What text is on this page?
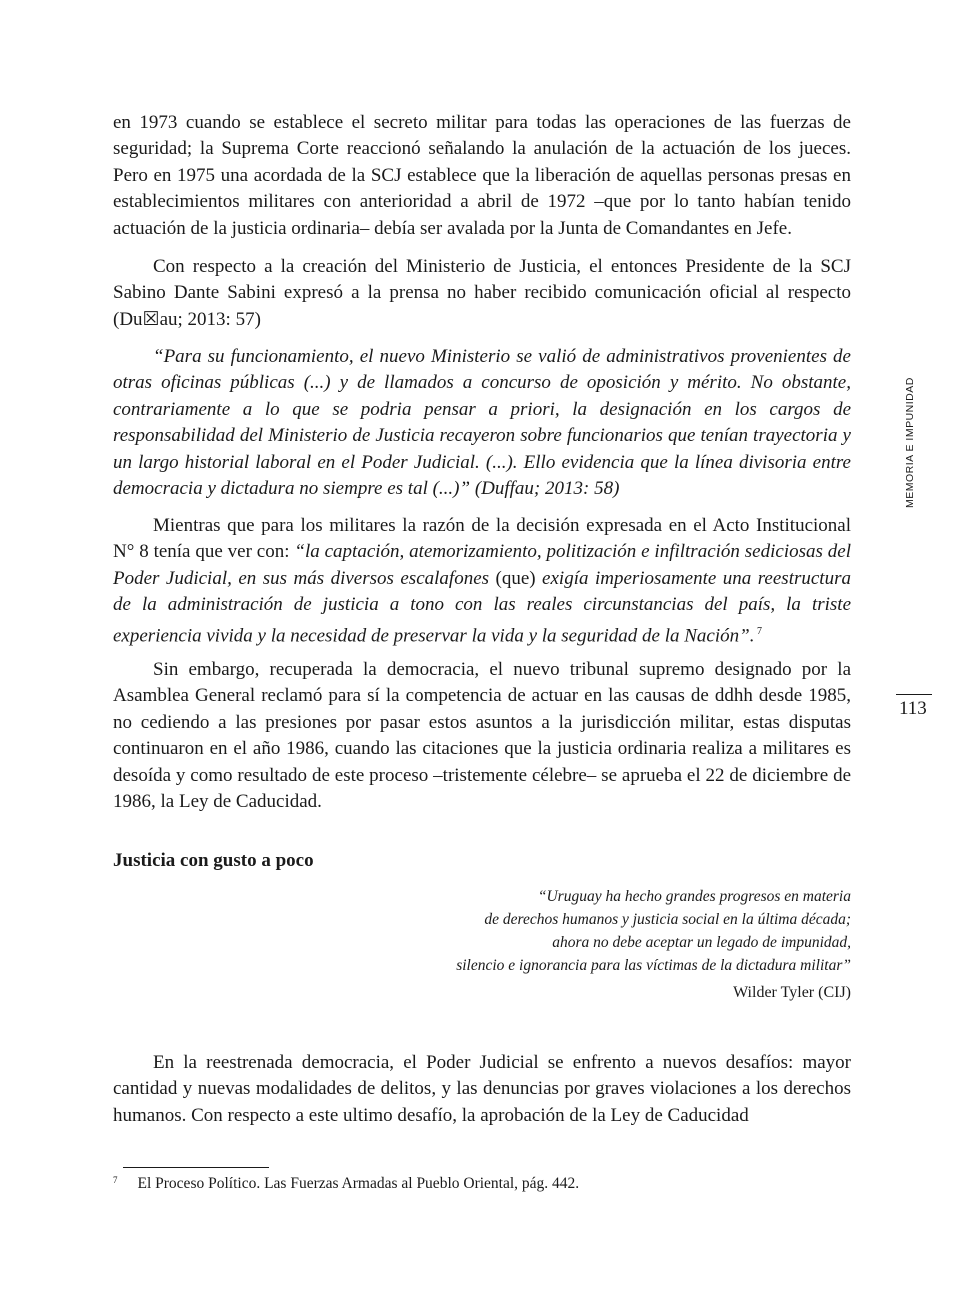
MEMORIA E IMPUNIDAD
113

en 1973 cuando se establece el secreto militar para todas las operaciones de las fuerzas de seguridad; la Suprema Corte reaccionó señalando la anulación de la actuación de los jueces. Pero en 1975 una acordada de la SCJ establece que la liberación de aquellas personas presas en establecimientos militares con anterioridad a abril de 1972 –que por lo tanto habían tenido actuación de la justicia ordinaria– debía ser avalada por la Junta de Comandantes en Jefe.

Con respecto a la creación del Ministerio de Justicia, el entonces Presidente de la SCJ Sabino Dante Sabini expresó a la prensa no haber recibido comunicación oficial al respecto (Du☒au; 2013: 57)

“Para su funcionamiento, el nuevo Ministerio se valió de administrativos provenientes de otras oficinas públicas (...) y de llamados a concurso de oposición y mérito. No obstante, contrariamente a lo que se podria pensar a priori, la designación en los cargos de responsabilidad del Ministerio de Justicia recayeron sobre funcionarios que tenían trayectoria y un largo historial laboral en el Poder Judicial. (...). Ello evidencia que la línea divisoria entre democracia y dictadura no siempre es tal (...)” (Duffau; 2013: 58)

Mientras que para los militares la razón de la decisión expresada en el Acto Institucional N° 8 tenía que ver con: “la captación, atemorizamiento, politización e infiltración sediciosas del Poder Judicial, en sus más diversos escalafones (que) exigía imperiosamente una reestructura de la administración de justicia a tono con las reales circunstancias del país, la triste experiencia vivida y la necesidad de preservar la vida y la seguridad de la Nación”. $^7$

Sin embargo, recuperada la democracia, el nuevo tribunal supremo designado por la Asamblea General reclamó para sí la competencia de actuar en las causas de ddhh desde 1985, no cediendo a las presiones por pasar estos asuntos a la jurisdicción militar, estas disputas continuaron en el año 1986, cuando las citaciones que la justicia ordinaria realiza a militares es desoída y como resultado de este proceso –tristemente célebre– se aprueba el 22 de diciembre de 1986, la Ley de Caducidad.

Justicia con gusto a poco
“Uruguay ha hecho grandes progresos en materia
de derechos humanos y justicia social en la última década;
ahora no debe aceptar un legado de impunidad,
silencio e ignorancia para las víctimas de la dictadura militar”
Wilder Tyler (CIJ)

En la reestrenada democracia, el Poder Judicial se enfrento a nuevos desafíos: mayor cantidad y nuevas modalidades de delitos, y las denuncias por graves violaciones a los derechos humanos. Con respecto a este ultimo desafío, la aprobación de la Ley de Caducidad

$^7$ El Proceso Político. Las Fuerzas Armadas al Pueblo Oriental, pág. 442.
